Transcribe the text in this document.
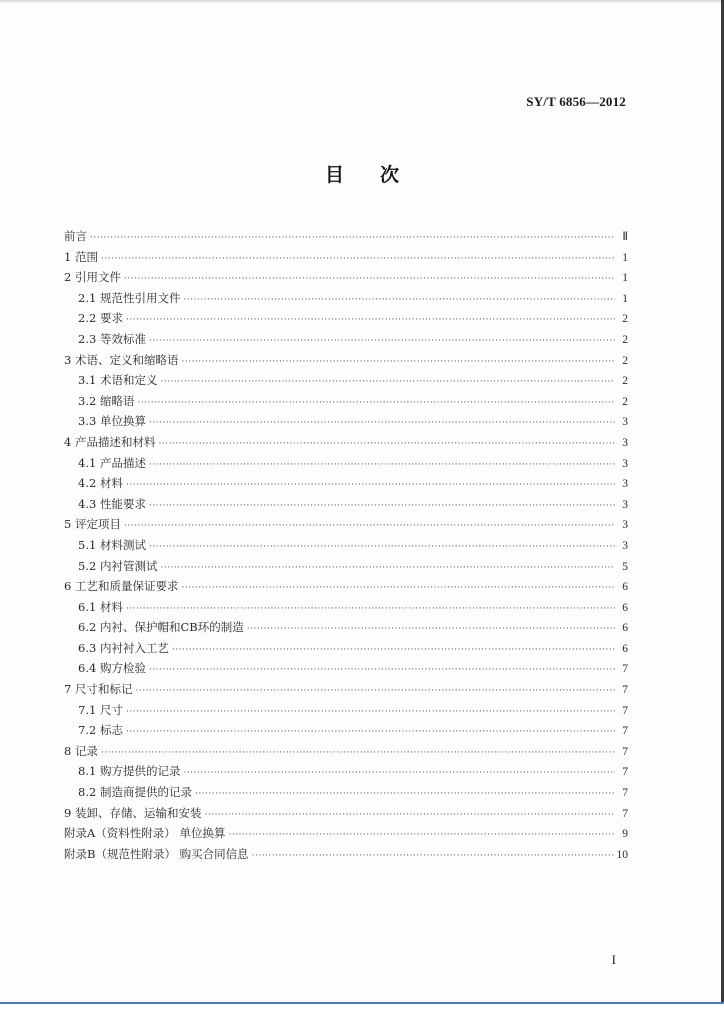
SY/T 6856—2012
目次
前言 ·····	Ⅱ
1 范围 ·····	1
2 引用文件 ·····	1
2.1 规范性引用文件 ·····	1
2.2 要求 ·····	2
2.3 等效标准 ·····	2
3 术语、定义和缩略语 ·····	2
3.1 术语和定义 ·····	2
3.2 缩略语 ·····	2
3.3 单位换算 ·····	3
4 产品描述和材料 ·····	3
4.1 产品描述 ·····	3
4.2 材料 ·····	3
4.3 性能要求 ·····	3
5 评定项目 ·····	3
5.1 材料测试 ·····	3
5.2 内衬管测试 ·····	5
6 工艺和质量保证要求 ·····	6
6.1 材料 ·····	6
6.2 内衬、保护帽和CB环的制造 ·····	6
6.3 内衬衬入工艺 ·····	6
6.4 购方检验 ·····	7
7 尺寸和标记 ·····	7
7.1 尺寸 ·····	7
7.2 标志 ·····	7
8 记录 ·····	7
8.1 购方提供的记录 ·····	7
8.2 制造商提供的记录 ·····	7
9 装卸、存储、运输和安装 ·····	7
附录A（资料性附录） 单位换算 ·····	9
附录B（规范性附录） 购买合同信息 ·····	10
I
